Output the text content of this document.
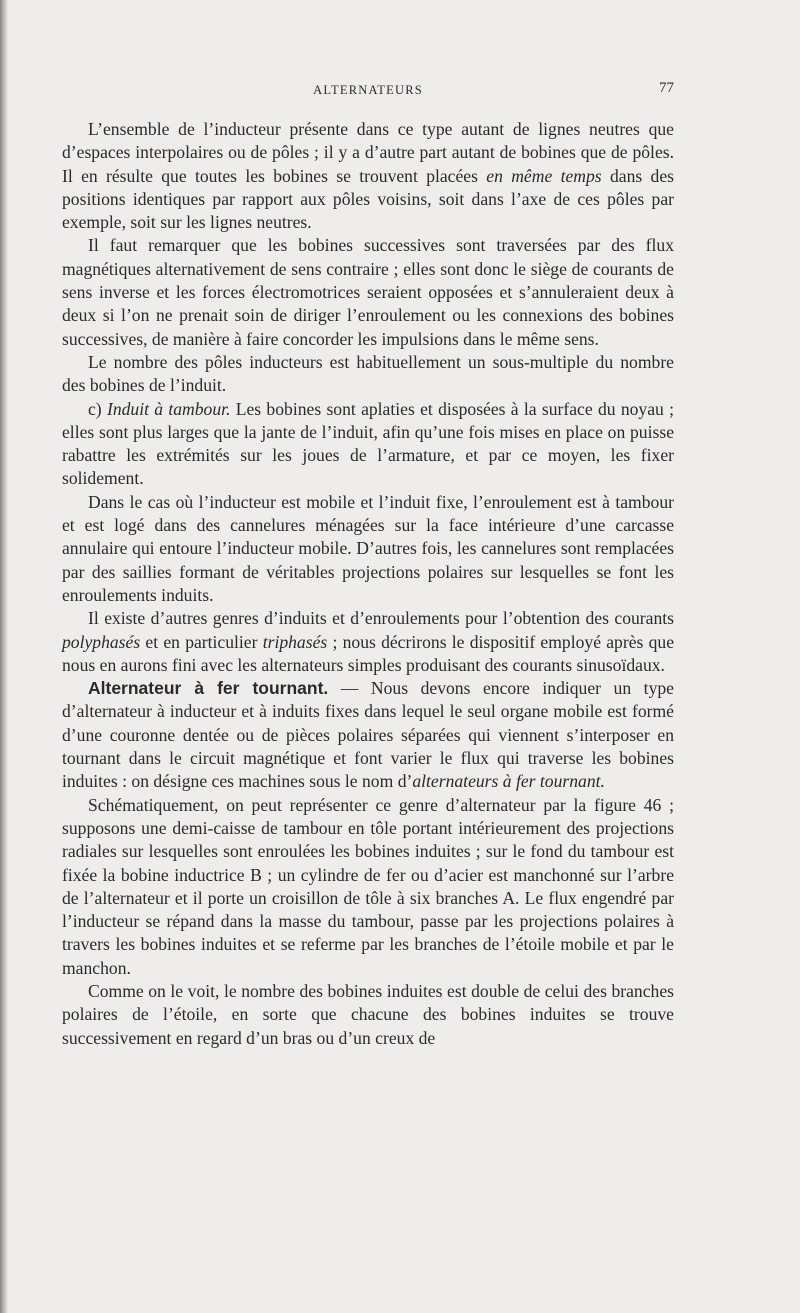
ALTERNATEURS	77

L’ensemble de l’inducteur présente dans ce type autant de lignes neutres que d’espaces interpolaires ou de pôles ; il y a d’autre part autant de bobines que de pôles. Il en résulte que toutes les bobines se trouvent placées en même temps dans des positions identiques par rapport aux pôles voisins, soit dans l’axe de ces pôles par exemple, soit sur les lignes neutres.

Il faut remarquer que les bobines successives sont traversées par des flux magnétiques alternativement de sens contraire ; elles sont donc le siège de courants de sens inverse et les forces électromotrices seraient opposées et s’annuleraient deux à deux si l’on ne prenait soin de diriger l’enroulement ou les connexions des bobines successives, de manière à faire concorder les impulsions dans le même sens.

Le nombre des pôles inducteurs est habituellement un sous-multiple du nombre des bobines de l’induit.

c) Induit à tambour. Les bobines sont aplaties et disposées à la surface du noyau ; elles sont plus larges que la jante de l’induit, afin qu’une fois mises en place on puisse rabattre les extrémités sur les joues de l’armature, et par ce moyen, les fixer solidement.

Dans le cas où l’inducteur est mobile et l’induit fixe, l’enroulement est à tambour et est logé dans des cannelures ménagées sur la face intérieure d’une carcasse annulaire qui entoure l’inducteur mobile. D’autres fois, les cannelures sont remplacées par des saillies formant de véritables projections polaires sur lesquelles se font les enroulements induits.

Il existe d’autres genres d’induits et d’enroulements pour l’obtention des courants polyphasés et en particulier triphasés ; nous décrirons le dispositif employé après que nous en aurons fini avec les alternateurs simples produisant des courants sinusoïdaux.

Alternateur à fer tournant. — Nous devons encore indiquer un type d’alternateur à inducteur et à induits fixes dans lequel le seul organe mobile est formé d’une couronne dentée ou de pièces polaires séparées qui viennent s’interposer en tournant dans le circuit magnétique et font varier le flux qui traverse les bobines induites : on désigne ces machines sous le nom d’alternateurs à fer tournant.

Schématiquement, on peut représenter ce genre d’alternateur par la figure 46 ; supposons une demi-caisse de tambour en tôle portant intérieurement des projections radiales sur lesquelles sont enroulées les bobines induites ; sur le fond du tambour est fixée la bobine inductrice B ; un cylindre de fer ou d’acier est manchonné sur l’arbre de l’alternateur et il porte un croisillon de tôle à six branches A. Le flux engendré par l’inducteur se répand dans la masse du tambour, passe par les projections polaires à travers les bobines induites et se referme par les branches de l’étoile mobile et par le manchon.

Comme on le voit, le nombre des bobines induites est double de celui des branches polaires de l’étoile, en sorte que chacune des bobines induites se trouve successivement en regard d’un bras ou d’un creux de
